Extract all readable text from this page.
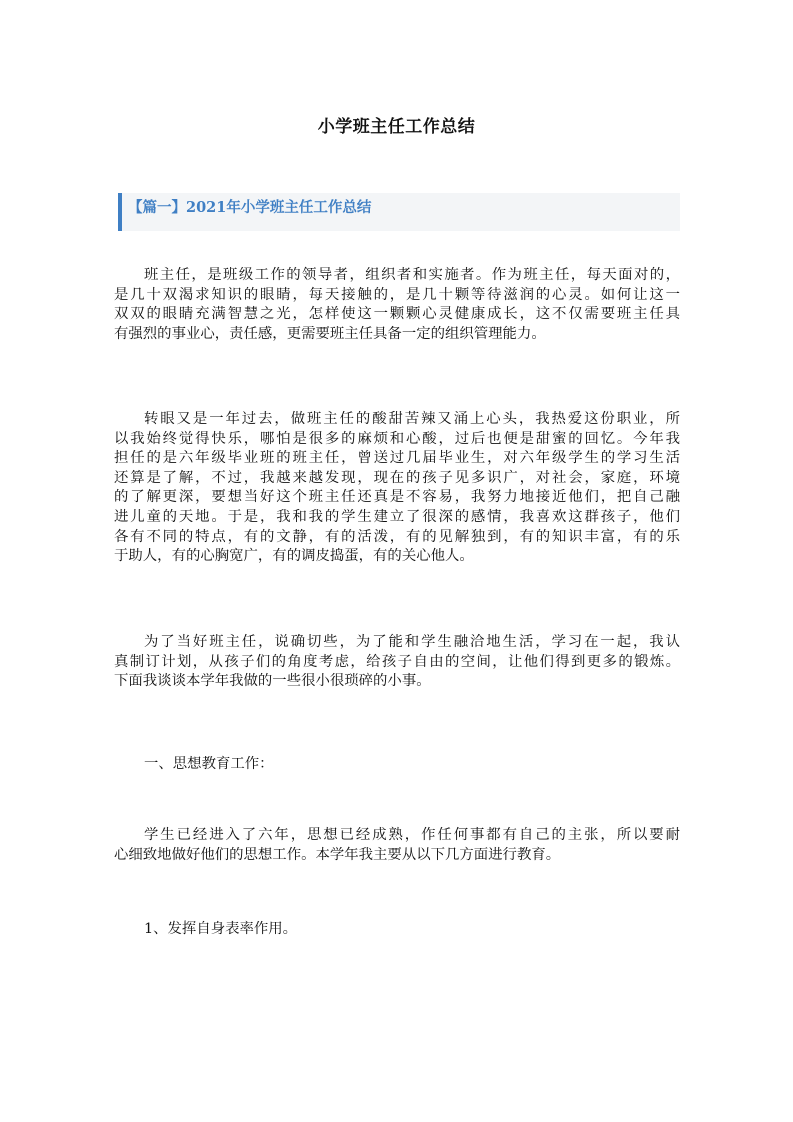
小学班主任工作总结
【篇一】2021年小学班主任工作总结
班主任，是班级工作的领导者，组织者和实施者。作为班主任，每天面对的，
是几十双渴求知识的眼睛，每天接触的，是几十颗等待滋润的心灵。如何让这一
双双的眼睛充满智慧之光，怎样使这一颗颗心灵健康成长，这不仅需要班主任具
有强烈的事业心，责任感，更需要班主任具备一定的组织管理能力。
转眼又是一年过去，做班主任的酸甜苦辣又涌上心头，我热爱这份职业，所
以我始终觉得快乐，哪怕是很多的麻烦和心酸，过后也便是甜蜜的回忆。今年我
担任的是六年级毕业班的班主任，曾送过几届毕业生，对六年级学生的学习生活
还算是了解，不过，我越来越发现，现在的孩子见多识广，对社会，家庭，环境
的了解更深，要想当好这个班主任还真是不容易，我努力地接近他们，把自己融
进儿童的天地。于是，我和我的学生建立了很深的感情，我喜欢这群孩子，他们
各有不同的特点，有的文静，有的活泼，有的见解独到，有的知识丰富，有的乐
于助人，有的心胸宽广，有的调皮捣蛋，有的关心他人。
为了当好班主任，说确切些，为了能和学生融洽地生活，学习在一起，我认
真制订计划，从孩子们的角度考虑，给孩子自由的空间，让他们得到更多的锻炼。
下面我谈谈本学年我做的一些很小很琐碎的小事。
一、思想教育工作：
学生已经进入了六年，思想已经成熟，作任何事都有自己的主张，所以要耐
心细致地做好他们的思想工作。本学年我主要从以下几方面进行教育。
1、发挥自身表率作用。
